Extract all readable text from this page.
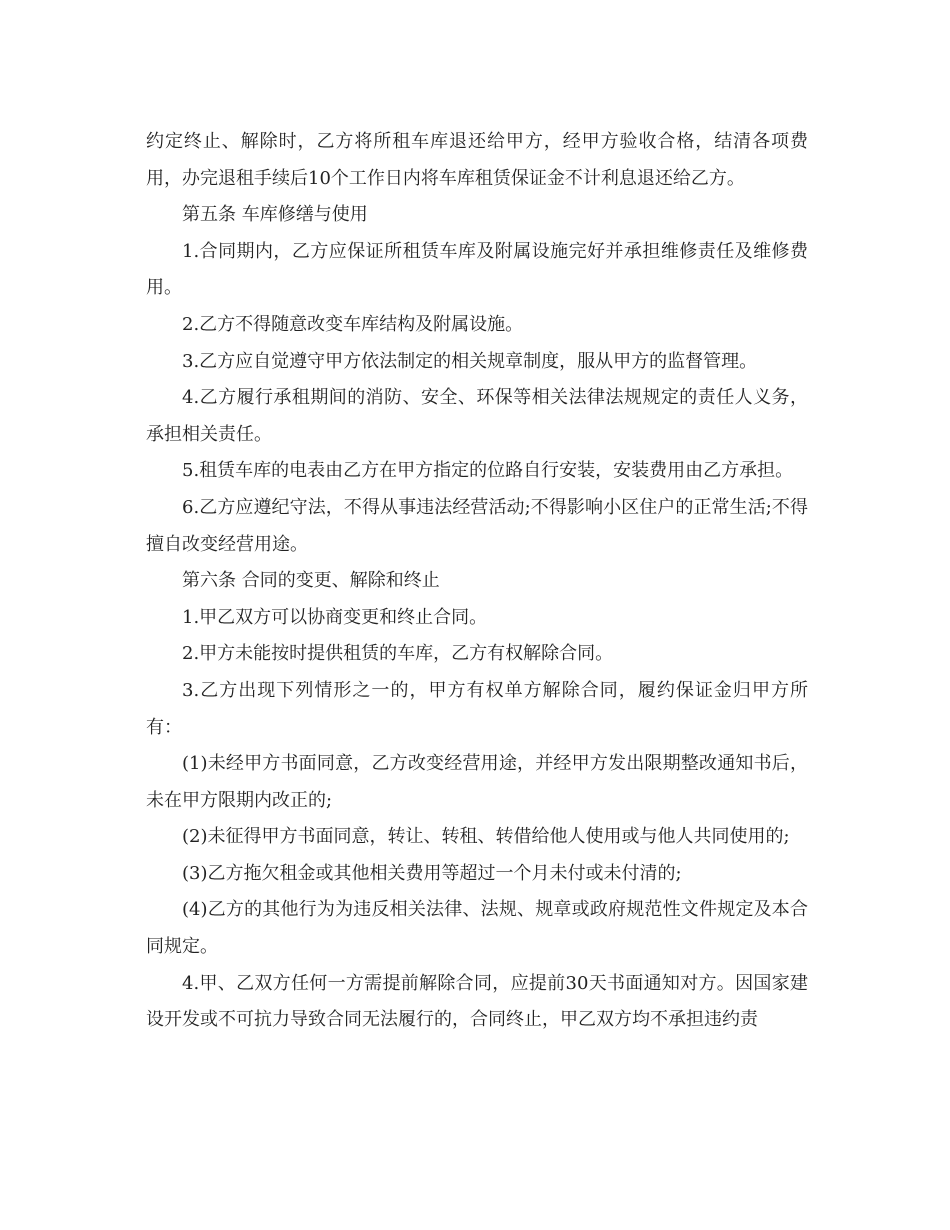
约定终止、解除时，乙方将所租车库退还给甲方，经甲方验收合格，结清各项费用，办完退租手续后10个工作日内将车库租赁保证金不计利息退还给乙方。

第五条 车库修缮与使用

1.合同期内，乙方应保证所租赁车库及附属设施完好并承担维修责任及维修费用。

2.乙方不得随意改变车库结构及附属设施。

3.乙方应自觉遵守甲方依法制定的相关规章制度，服从甲方的监督管理。

4.乙方履行承租期间的消防、安全、环保等相关法律法规规定的责任人义务，承担相关责任。

5.租赁车库的电表由乙方在甲方指定的位路自行安装，安装费用由乙方承担。

6.乙方应遵纪守法，不得从事违法经营活动;不得影响小区住户的正常生活;不得擅自改变经营用途。

第六条 合同的变更、解除和终止

1.甲乙双方可以协商变更和终止合同。

2.甲方未能按时提供租赁的车库，乙方有权解除合同。

3.乙方出现下列情形之一的，甲方有权单方解除合同，履约保证金归甲方所有：

(1)未经甲方书面同意，乙方改变经营用途，并经甲方发出限期整改通知书后，未在甲方限期内改正的;

(2)未征得甲方书面同意，转让、转租、转借给他人使用或与他人共同使用的;

(3)乙方拖欠租金或其他相关费用等超过一个月未付或未付清的;

(4)乙方的其他行为为违反相关法律、法规、规章或政府规范性文件规定及本合同规定。

4.甲、乙双方任何一方需提前解除合同，应提前30天书面通知对方。因国家建设开发或不可抗力导致合同无法履行的，合同终止，甲乙双方均不承担违约责
